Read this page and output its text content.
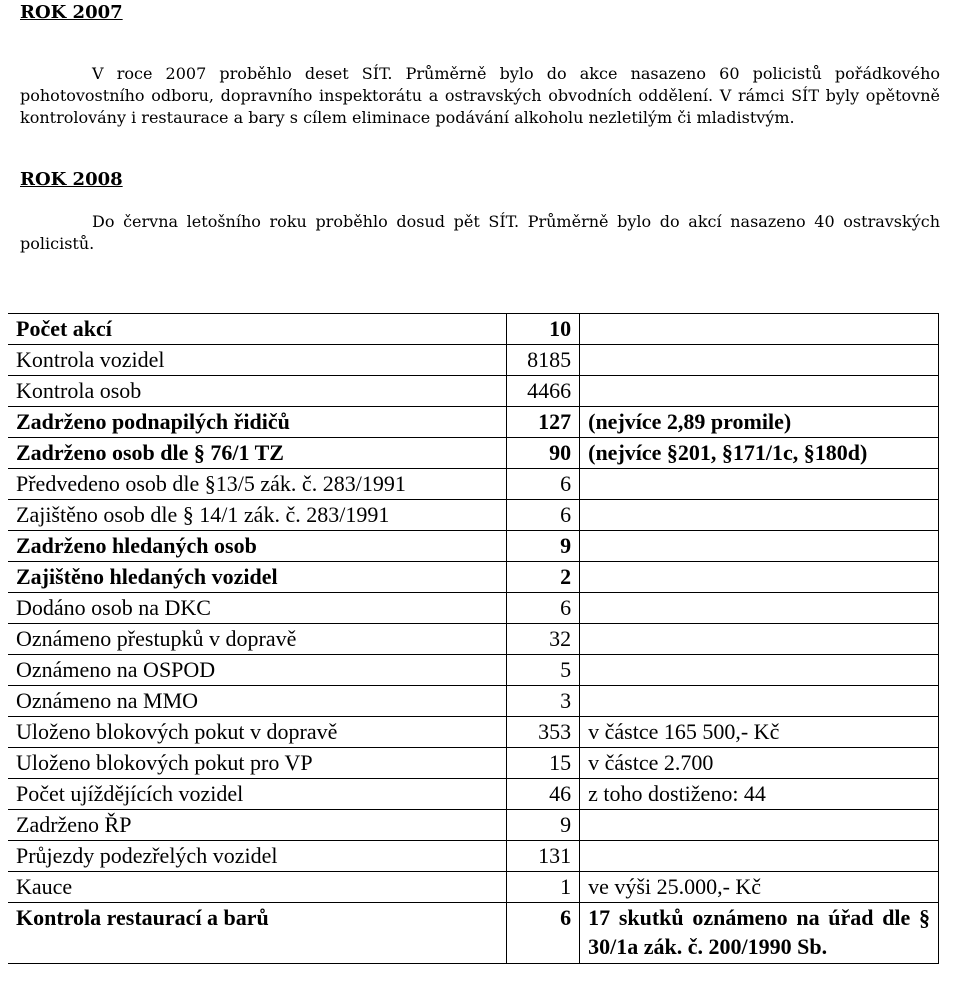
ROK 2007

V roce 2007 proběhlo deset SÍT. Průměrně bylo do akce nasazeno 60 policistů pořádkového pohotovostního odboru, dopravního inspektorátu a ostravských obvodních oddělení. V rámci SÍT byly opětovně kontrolovány i restaurace a bary s cílem eliminace podávání alkoholu nezletilým či mladistvým.

ROK 2008

Do června letošního roku proběhlo dosud pět SÍT. Průměrně bylo do akcí nasazeno 40 ostravských policistů.

Počet akcí	10	
Kontrola vozidel	8185	
Kontrola osob	4466	
Zadrženo podnapilých řidičů	127	(nejvíce 2,89 promile)
Zadrženo osob dle § 76/1 TZ	90	(nejvíce §201, §171/1c, §180d)
Předvedeno osob dle §13/5 zák. č. 283/1991	6	
Zajištěno osob dle § 14/1 zák. č. 283/1991	6	
Zadrženo hledaných osob	9	
Zajištěno hledaných vozidel	2	
Dodáno osob na DKC	6	
Oznámeno přestupků v dopravě	32	
Oznámeno na OSPOD	5	
Oznámeno na MMO	3	
Uloženo blokových pokut v dopravě	353	v částce 165 500,- Kč
Uloženo blokových pokut pro VP	15	v částce 2.700
Počet ujíždějících vozidel	46	z toho dostiženo: 44
Zadrženo ŘP	9	
Průjezdy podezřelých vozidel	131	
Kauce	1	ve výši 25.000,- Kč
Kontrola restaurací a barů	6	17 skutků oznámeno na úřad dle § 30/1a zák. č. 200/1990 Sb.
